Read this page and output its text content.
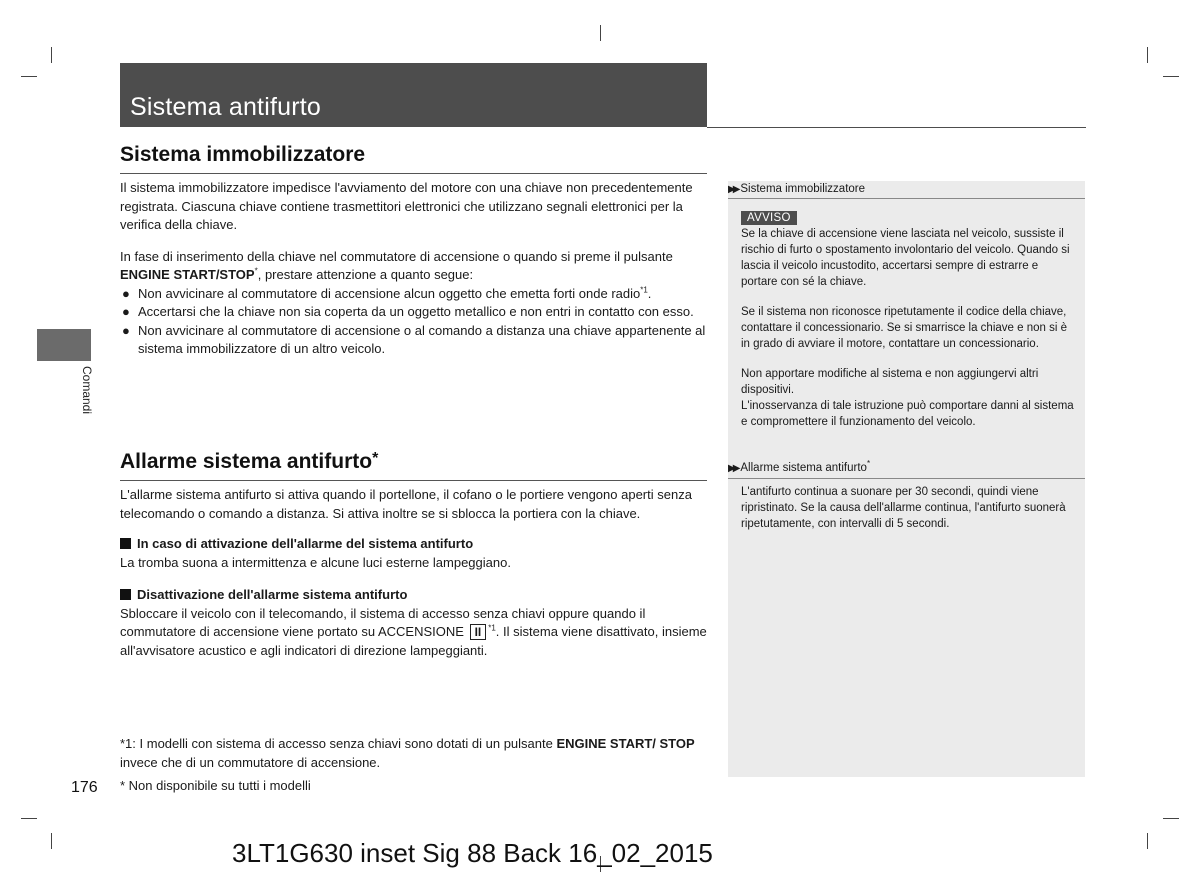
Sistema antifurto
Comandi
Sistema immobilizzatore

Il sistema immobilizzatore impedisce l'avviamento del motore con una chiave non precedentemente registrata. Ciascuna chiave contiene trasmettitori elettronici che utilizzano segnali elettronici per la verifica della chiave.

In fase di inserimento della chiave nel commutatore di accensione o quando si preme il pulsante ENGINE START/STOP*, prestare attenzione a quanto segue:

● Non avvicinare al commutatore di accensione alcun oggetto che emetta forti onde radio$^{*1}$.
● Accertarsi che la chiave non sia coperta da un oggetto metallico e non entri in contatto con esso.
● Non avvicinare al commutatore di accensione o al comando a distanza una chiave appartenente al sistema immobilizzatore di un altro veicolo.
Allarme sistema antifurto*

L'allarme sistema antifurto si attiva quando il portellone, il cofano o le portiere vengono aperti senza telecomando o comando a distanza. Si attiva inoltre se si sblocca la portiera con la chiave.

In caso di attivazione dell'allarme del sistema antifurto

La tromba suona a intermittenza e alcune luci esterne lampeggiano.

Disattivazione dell'allarme sistema antifurto

Sbloccare il veicolo con il telecomando, il sistema di accesso senza chiavi oppure quando il commutatore di accensione viene portato su ACCENSIONE II $^{*1}$. Il sistema viene disattivato, insieme all'avvisatore acustico e agli indicatori di direzione lampeggianti.

*1: I modelli con sistema di accesso senza chiavi sono dotati di un pulsante ENGINE START/ STOP invece che di un commutatore di accensione.
* Non disponibile su tutti i modelli
▶▶ Sistema immobilizzatore
AVVISO

Se la chiave di accensione viene lasciata nel veicolo, sussiste il rischio di furto o spostamento involontario del veicolo. Quando si lascia il veicolo incustodito, accertarsi sempre di estrarre e portare con sé la chiave.

Se il sistema non riconosce ripetutamente il codice della chiave, contattare il concessionario. Se si smarrisce la chiave e non si è in grado di avviare il motore, contattare un concessionario.

Non apportare modifiche al sistema e non aggiungervi altri dispositivi.

L'inosservanza di tale istruzione può comportare danni al sistema e compromettere il funzionamento del veicolo.

▶▶ Allarme sistema antifurto*
L'antifurto continua a suonare per 30 secondi, quindi viene ripristinato. Se la causa dell'allarme continua, l'antifurto suonerà ripetutamente, con intervalli di 5 secondi.
176
3LT1G630 inset Sig 88 Back 16_02_2015
